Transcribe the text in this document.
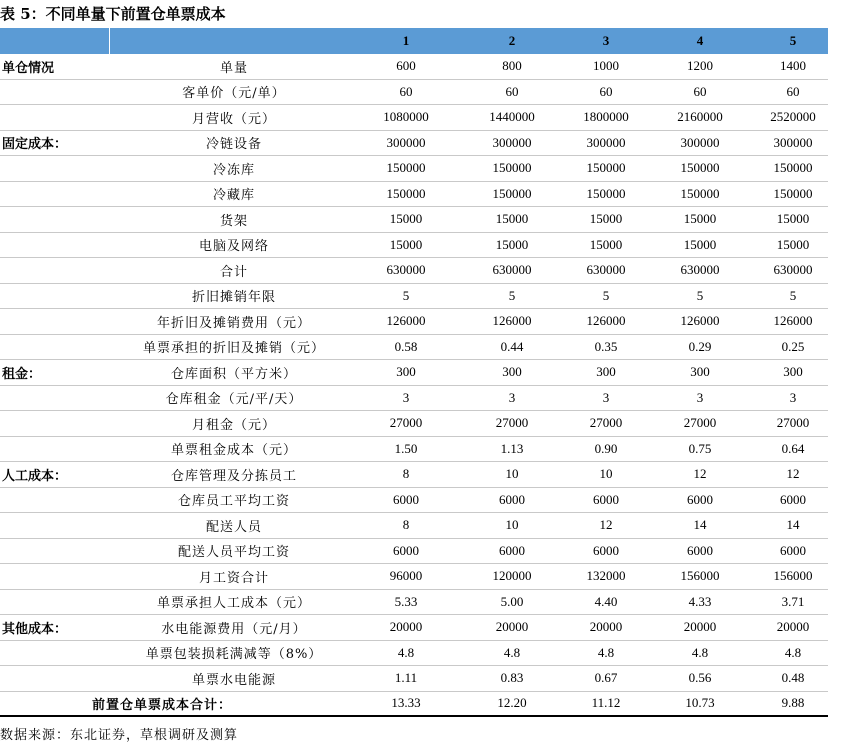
表 5：不同单量下前置仓单票成本
1	2	3	4	5
单仓情况	单量	600	800	1000	1200	1400
客单价（元/单）	60	60	60	60	60
月营收（元）	1080000	1440000	1800000	2160000	2520000
固定成本：	冷链设备	300000	300000	300000	300000	300000
冷冻库	150000	150000	150000	150000	150000
冷藏库	150000	150000	150000	150000	150000
货架	15000	15000	15000	15000	15000
电脑及网络	15000	15000	15000	15000	15000
合计	630000	630000	630000	630000	630000
折旧摊销年限	5	5	5	5	5
年折旧及摊销费用（元）	126000	126000	126000	126000	126000
单票承担的折旧及摊销（元）	0.58	0.44	0.35	0.29	0.25
租金：	仓库面积（平方米）	300	300	300	300	300
仓库租金（元/平/天）	3	3	3	3	3
月租金（元）	27000	27000	27000	27000	27000
单票租金成本（元）	1.50	1.13	0.90	0.75	0.64
人工成本：	仓库管理及分拣员工	8	10	10	12	12
仓库员工平均工资	6000	6000	6000	6000	6000
配送人员	8	10	12	14	14
配送人员平均工资	6000	6000	6000	6000	6000
月工资合计	96000	120000	132000	156000	156000
单票承担人工成本（元）	5.33	5.00	4.40	4.33	3.71
其他成本：	水电能源费用（元/月）	20000	20000	20000	20000	20000
单票包装损耗满减等（8%）	4.8	4.8	4.8	4.8	4.8
单票水电能源	1.11	0.83	0.67	0.56	0.48
前置仓单票成本合计：	13.33	12.20	11.12	10.73	9.88
数据来源：东北证券，草根调研及测算
